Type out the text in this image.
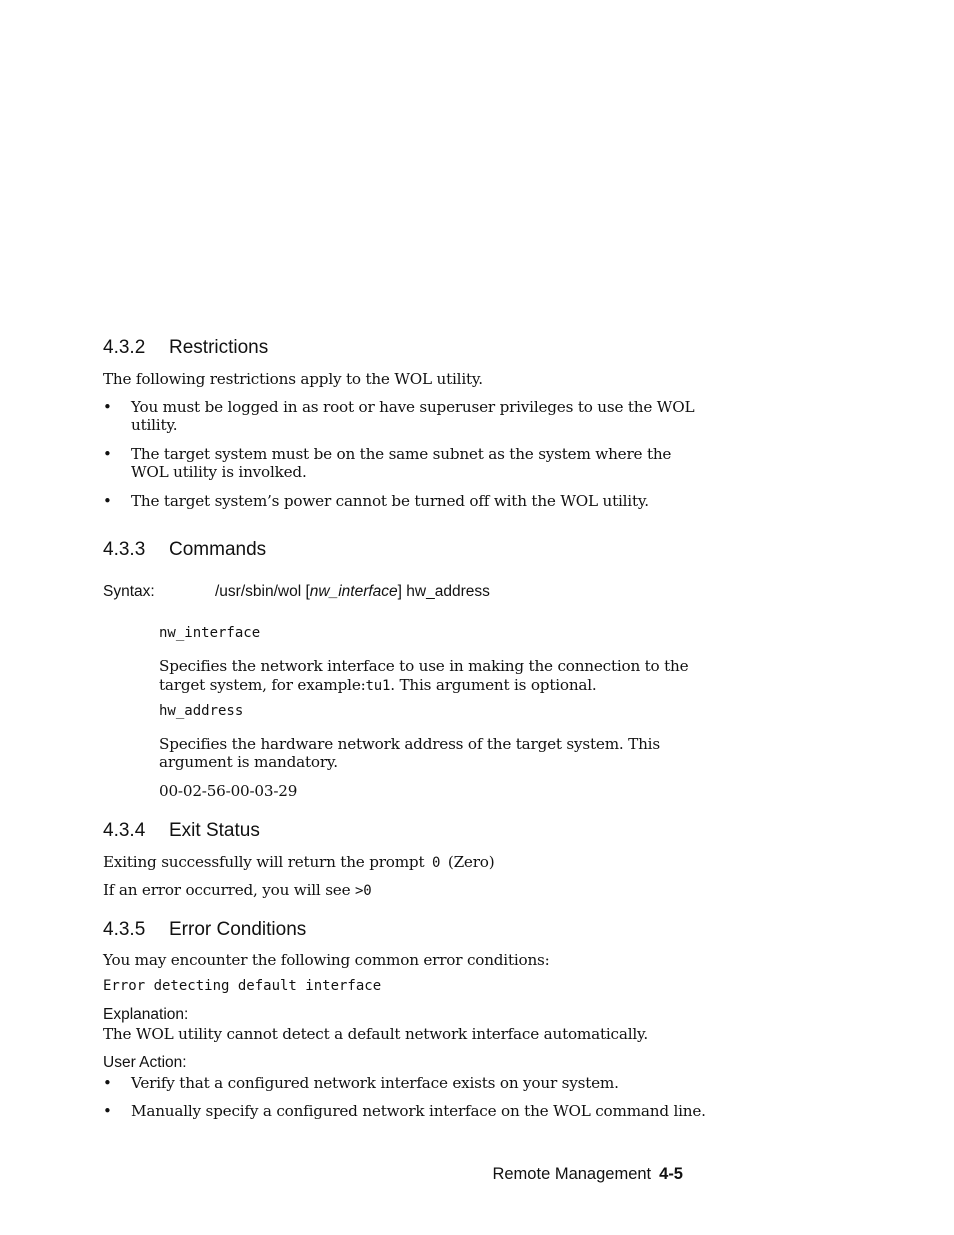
4.3.2 Restrictions
The following restrictions apply to the WOL utility.
• You must be logged in as root or have superuser privileges to use the WOL
utility.
• The target system must be on the same subnet as the system where the
WOL utility is involked.
• The target system’s power cannot be turned off with the WOL utility.
4.3.3 Commands
Syntax:	/usr/sbin/wol [nw_interface] hw_address
nw_interface
Specifies the network interface to use in making the connection to the
target system, for example:tu1. This argument is optional.
hw_address
Specifies the hardware network address of the target system. This
argument is mandatory.
00-02-56-00-03-29
4.3.4 Exit Status
Exiting successfully will return the prompt 0 (Zero)
If an error occurred, you will see >0
4.3.5 Error Conditions
You may encounter the following common error conditions:
Error detecting default interface
Explanation:
The WOL utility cannot detect a default network interface automatically.
User Action:
• Verify that a configured network interface exists on your system.
• Manually specify a configured network interface on the WOL command line.
Remote Management 4-5
